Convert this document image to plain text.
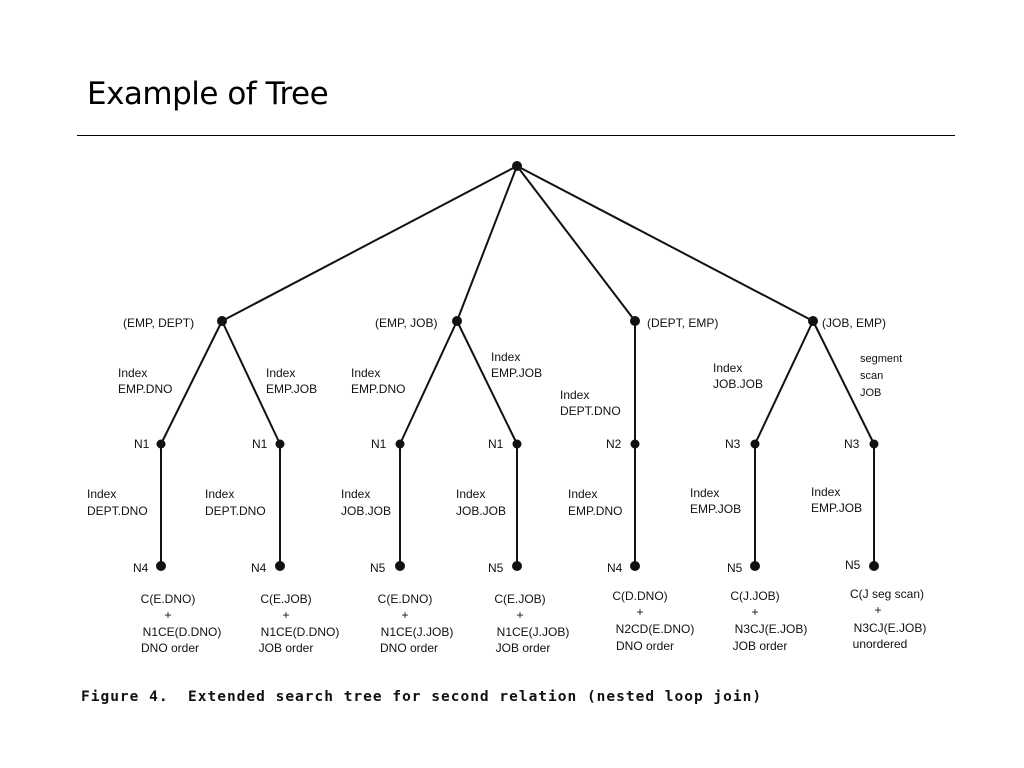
Example of Tree
(EMP, DEPT)	(EMP, JOB)	(DEPT, EMP)	(JOB, EMP)
Index
EMP.DNO
Index
EMP.JOB
Index
EMP.DNO
Index
EMP.JOB
Index
DEPT.DNO
Index
JOB.JOB
segment
scan
JOB
N1	N1	N1	N1	N2	N3	N3
Index
DEPT.DNO
Index
DEPT.DNO
Index
JOB.JOB
Index
JOB.JOB
Index
EMP.DNO
Index
EMP.JOB
Index
EMP.JOB
N4	N4	N5	N5	N4	N5	N5
C(E.DNO)
+
N1CE(D.DNO)
DNO order
C(E.JOB)
+
N1CE(D.DNO)
JOB order
C(E.DNO)
+
N1CE(J.JOB)
DNO order
C(E.JOB)
+
N1CE(J.JOB)
JOB order
C(D.DNO)
+
N2CD(E.DNO)
DNO order
C(J.JOB)
+
N3CJ(E.JOB)
JOB order
C(J seg scan)
+
N3CJ(E.JOB)
unordered
Figure 4.  Extended search tree for second relation (nested loop join)
